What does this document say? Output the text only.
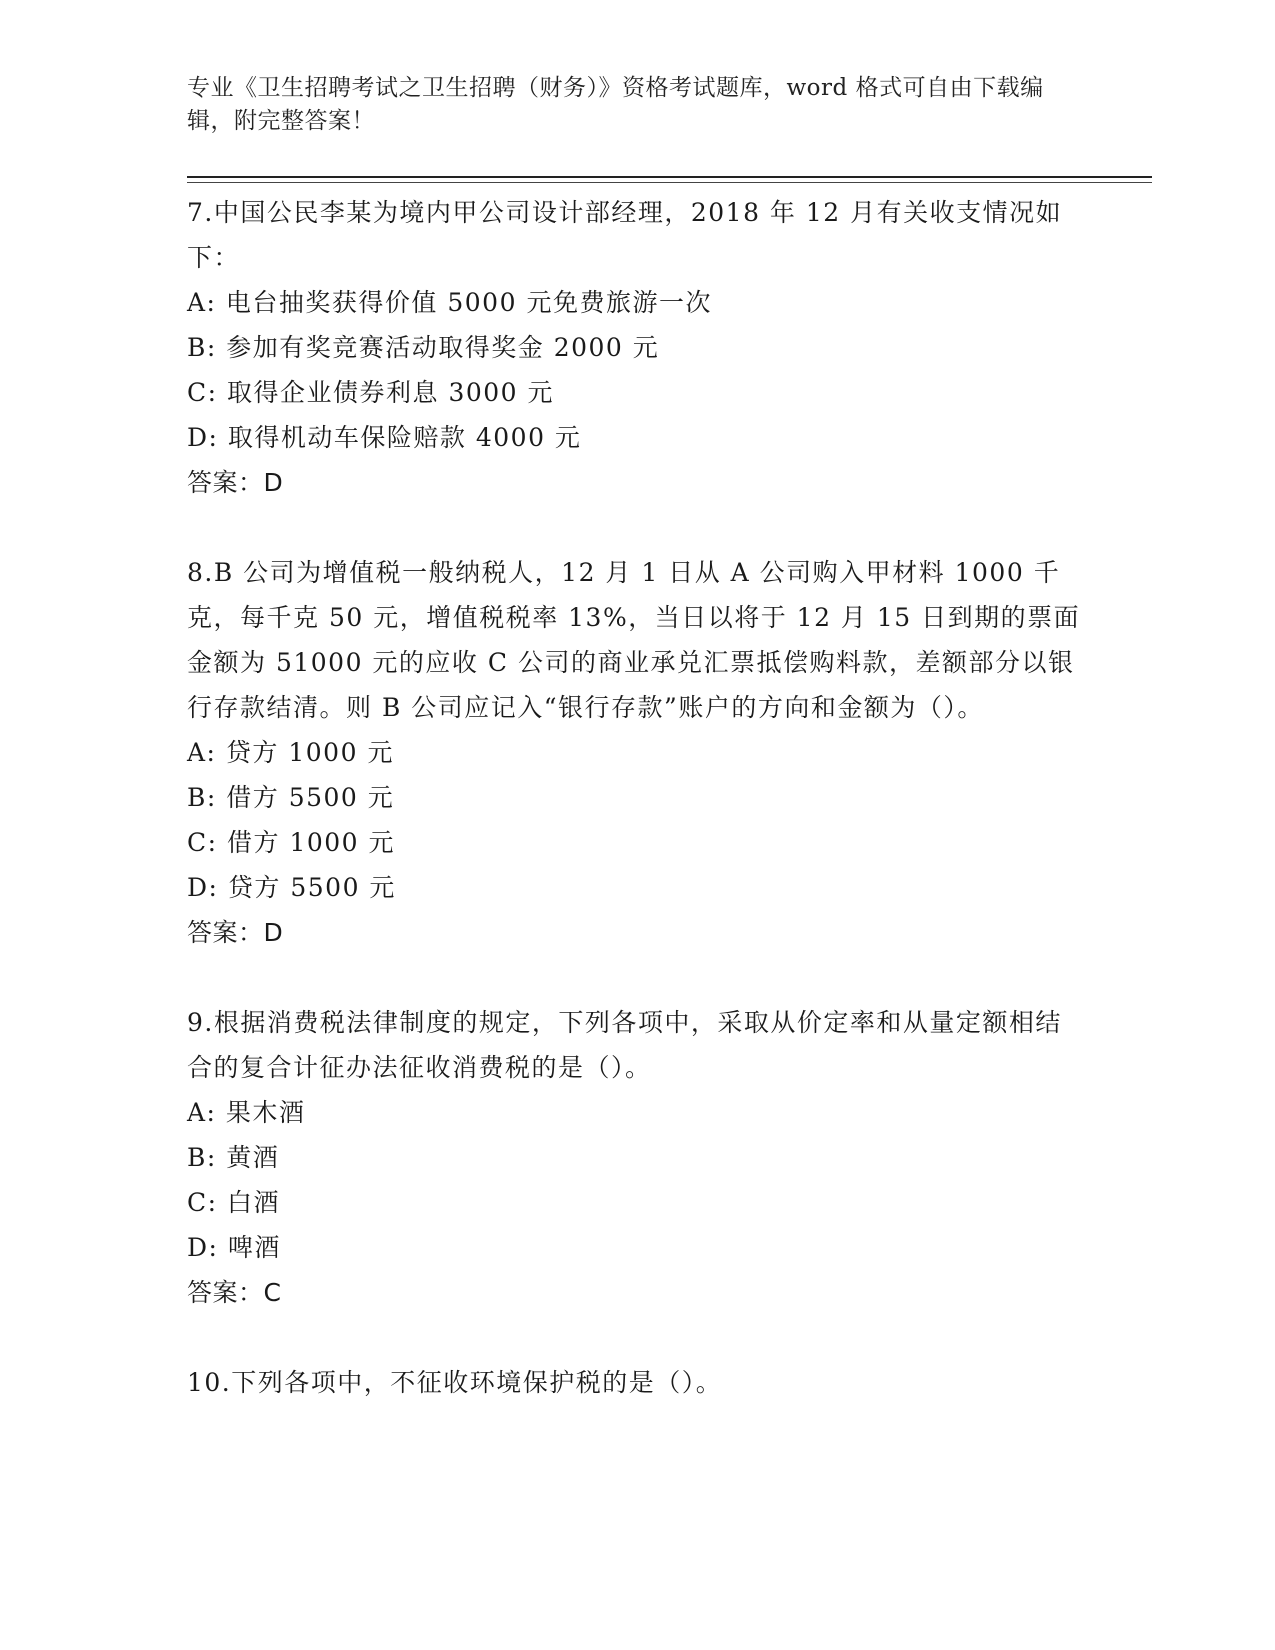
专业《卫生招聘考试之卫生招聘（财务）》资格考试题库，word 格式可自由下载编辑，附完整答案！

7.中国公民李某为境内甲公司设计部经理，2018 年 12 月有关收支情况如下：

A: 电台抽奖获得价值 5000 元免费旅游一次

B: 参加有奖竞赛活动取得奖金 2000 元

C: 取得企业债券利息 3000 元

D: 取得机动车保险赔款 4000 元

答案：D

8.B 公司为增值税一般纳税人，12 月 1 日从 A 公司购入甲材料 1000 千克，每千克 50 元，增值税税率 13%，当日以将于 12 月 15 日到期的票面金额为 51000 元的应收 C 公司的商业承兑汇票抵偿购料款，差额部分以银行存款结清。则 B 公司应记入“银行存款”账户的方向和金额为（）。

A: 贷方 1000 元

B: 借方 5500 元

C: 借方 1000 元

D: 贷方 5500 元

答案：D

9.根据消费税法律制度的规定，下列各项中，采取从价定率和从量定额相结合的复合计征办法征收消费税的是（）。

A: 果木酒

B: 黄酒

C: 白酒

D: 啤酒

答案：C

10.下列各项中，不征收环境保护税的是（）。
